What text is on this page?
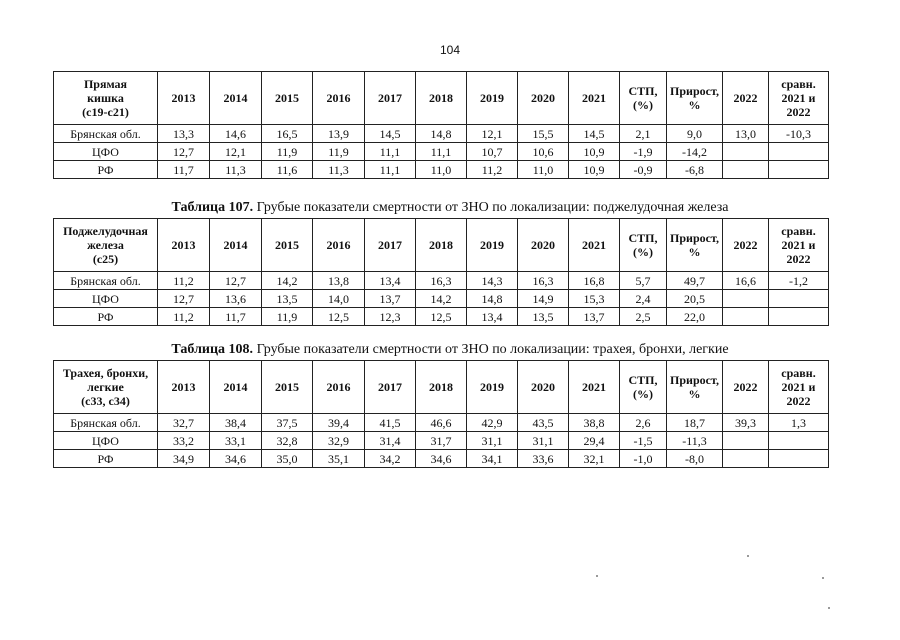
104
Прямая
кишка
(c19-c21)	2013	2014	2015	2016	2017	2018	2019	2020	2021	СТП, (%)	Прирост, %	2022	сравн. 2021 и 2022
Брянская обл.	13,3	14,6	16,5	13,9	14,5	14,8	12,1	15,5	14,5	2,1	9,0	13,0	-10,3
ЦФО	12,7	12,1	11,9	11,9	11,1	11,1	10,7	10,6	10,9	-1,9	-14,2		
РФ	11,7	11,3	11,6	11,3	11,1	11,0	11,2	11,0	10,9	-0,9	-6,8		
Таблица 107. Грубые показатели смертности от ЗНО по локализации: поджелудочная железа
Поджелудочная
железа
(c25)	2013	2014	2015	2016	2017	2018	2019	2020	2021	СТП, (%)	Прирост, %	2022	сравн. 2021 и 2022
Брянская обл.	11,2	12,7	14,2	13,8	13,4	16,3	14,3	16,3	16,8	5,7	49,7	16,6	-1,2
ЦФО	12,7	13,6	13,5	14,0	13,7	14,2	14,8	14,9	15,3	2,4	20,5		
РФ	11,2	11,7	11,9	12,5	12,3	12,5	13,4	13,5	13,7	2,5	22,0		
Таблица 108. Грубые показатели смертности от ЗНО по локализации: трахея, бронхи, легкие
Трахея, бронхи,
легкие
(c33, c34)	2013	2014	2015	2016	2017	2018	2019	2020	2021	СТП, (%)	Прирост, %	2022	сравн. 2021 и 2022
Брянская обл.	32,7	38,4	37,5	39,4	41,5	46,6	42,9	43,5	38,8	2,6	18,7	39,3	1,3
ЦФО	33,2	33,1	32,8	32,9	31,4	31,7	31,1	31,1	29,4	-1,5	-11,3		
РФ	34,9	34,6	35,0	35,1	34,2	34,6	34,1	33,6	32,1	-1,0	-8,0		
